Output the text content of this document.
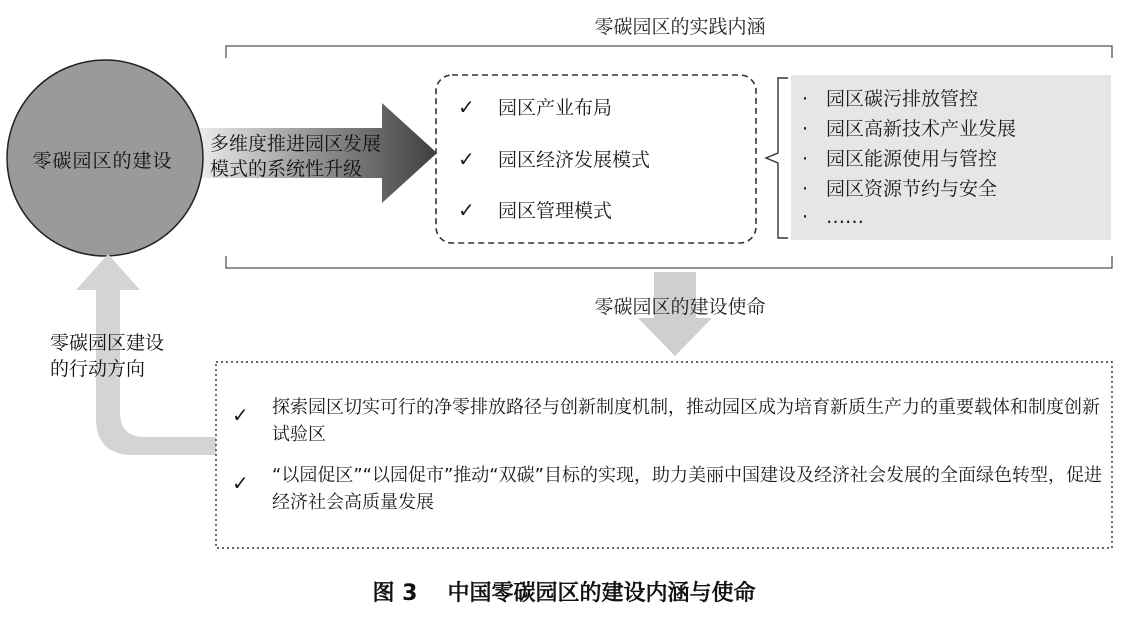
零碳园区的实践内涵
零碳园区的建设
多维度推进园区发展
模式的系统性升级
✓ 园区产业布局
✓ 园区经济发展模式
✓ 园区管理模式
· 园区碳污排放管控
· 园区高新技术产业发展
· 园区能源使用与管控
· 园区资源节约与安全
· ……
零碳园区的建设使命
零碳园区建设
的行动方向
✓	探索园区切实可行的净零排放路径与创新制度机制，推动园区成为培育新质生产力的重要载体和制度创新试验区
✓	“以园促区”“以园促市”推动“双碳”目标的实现，助力美丽中国建设及经济社会发展的全面绿色转型，促进经济社会高质量发展
图 3 中国零碳园区的建设内涵与使命
